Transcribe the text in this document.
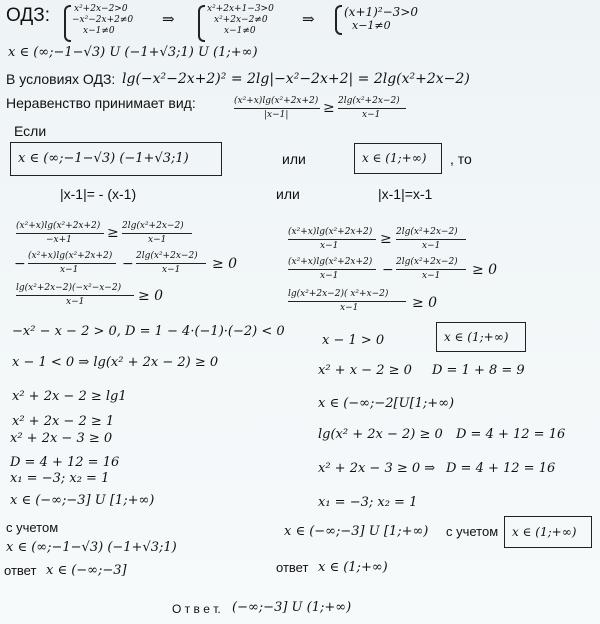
ОДЗ:	x²+2x−2>0
−x²−2x+2≠0
x−1≠0
⇒
x²+2x+1−3>0
x²+2x−2≠0
x−1≠0
⇒ (x+1)²−3>0
x−1≠0
x ∈ (∞;−1−√3) U (−1+√3;1) U (1;+∞)
В условиях ОДЗ: lg(−x²−2x+2)² = 2lg|−x²−2x+2| = 2lg(x²+2x−2)
Неравенство принимает вид:	(x²+x)lg(x²+2x+2)
|x−1| ≥ 2lg(x²+2x−2)
x−1
Если
x ∈ (∞;−1−√3) (−1+√3;1)	или	x ∈ (1;+∞) , то
|x-1|= - (x-1)	или	|x-1|=x-1
(x²+x)lg(x²+2x+2)
−x+1	≥ 2lg(x²+2x−2)
x−1
− (x²+x)lg(x²+2x+2)
x−1	− 2lg(x²+2x−2)
x−1 ≥ 0
lg(x²+2x−2)(−x²−x−2)
x−1	≥ 0
−x² − x − 2 > 0, D = 1 − 4·(−1)·(−2) < 0
x − 1 < 0 ⇒ lg(x² + 2x − 2) ≥ 0
x² + 2x − 2 ≥ lg1
x² + 2x − 2 ≥ 1
x² + 2x − 3 ≥ 0
D = 4 + 12 = 16
x₁ = −3; x₂ = 1
x ∈ (−∞;−3] U [1;+∞)
с учетом
x ∈ (∞;−1−√3) (−1+√3;1)
ответ x ∈ (−∞;−3]
(x²+x)lg(x²+2x+2)
x−1	≥ 2lg(x²+2x−2)
x−1
(x²+x)lg(x²+2x+2)
x−1	− 2lg(x²+2x−2)
x−1 ≥ 0
lg(x²+2x−2)( x²+x−2)
x−1	≥ 0
x − 1 > 0	x ∈ (1;+∞)
x² + x − 2 ≥ 0 D = 1 + 8 = 9
x ∈ (−∞;−2[U[1;+∞)
lg(x² + 2x − 2) ≥ 0 D = 4 + 12 = 16
x² + 2x − 3 ≥ 0 ⇒ D = 4 + 12 = 16
x₁ = −3; x₂ = 1
x ∈ (−∞;−3] U [1;+∞) с учетом x ∈ (1;+∞)
ответ x ∈ (1;+∞)
О т в е т. (−∞;−3] U (1;+∞)
